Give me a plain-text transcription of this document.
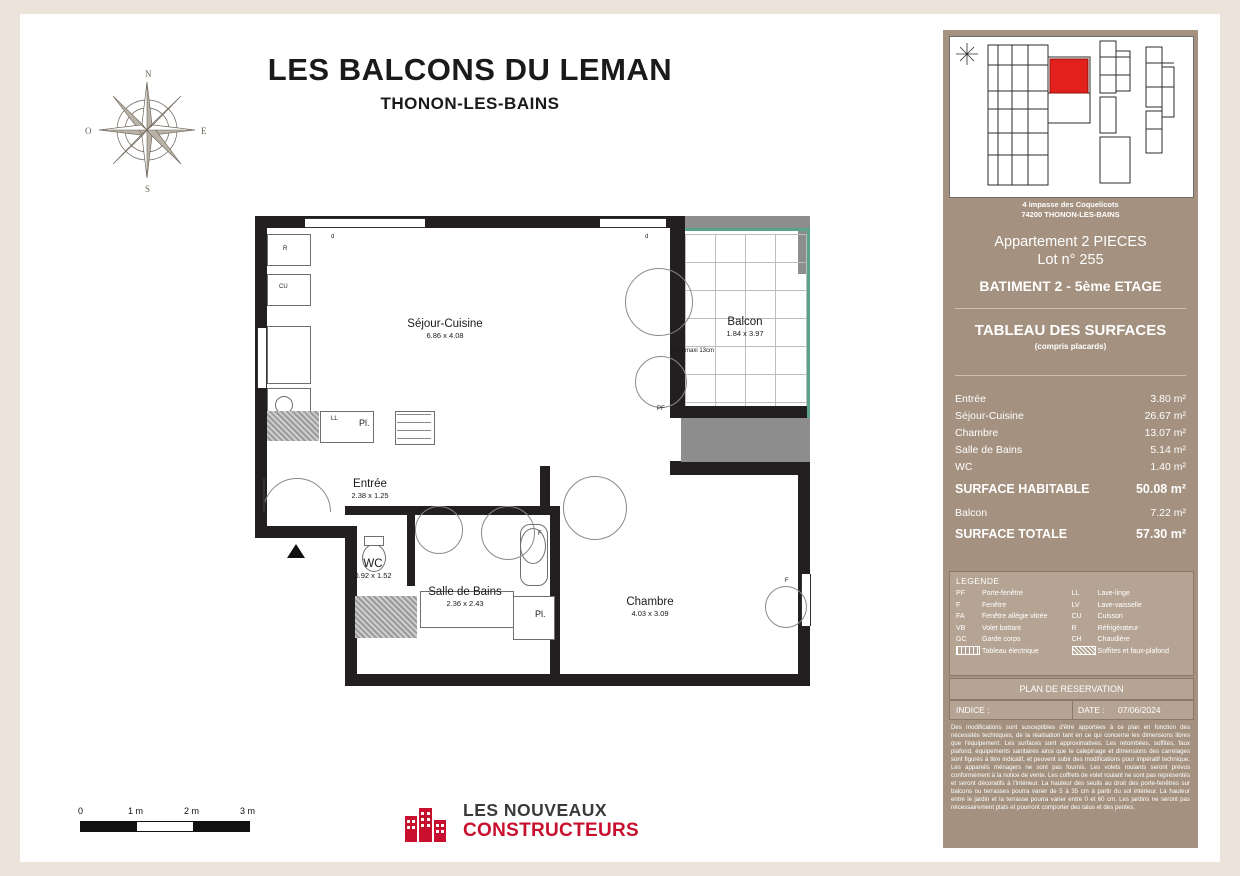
LES BALCONS DU LEMAN
THONON-LES-BAINS
N
S
E
O
Séjour-Cuisine
6.86 x 4.08
Balcon
1.84 x 3.97
Entrée
2.38 x 1.25
WC
0.92 x 1.52
Salle de Bains
2.36 x 2.43	Chambre
4.03 x 3.09
R
CU
d	d
LL Pl.
Pl.
PF
F
F
Seuil maxi 13cm
0	1 m	2 m	3 m	LES NOUVEAUX
CONSTRUCTEURS
4 impasse des Coquelicots
74200 THONON-LES-BAINS
Appartement 2 PIECES
Lot n° 255
BATIMENT 2 - 5ème ETAGE
TABLEAU DES SURFACES
(compris placards)
Entrée	3.80 m²
Séjour-Cuisine	26.67 m²
Chambre	13.07 m²
Salle de Bains	5.14 m²
WC	1.40 m²
SURFACE HABITABLE	50.08 m²
Balcon	7.22 m²
SURFACE TOTALE	57.30 m²
LEGENDE
PF	Porte-fenêtre
F	Fenêtre
FA	Fenêtre allégie vitrée
VB	Volet battant
GC	Garde corps
Tableau électrique
LL	Lave-linge
LV	Lave-vaisselle
CU	Cuisson
R	Réfrigérateur
CH	Chaudière
Soffites et faux-plafond
PLAN DE RESERVATION
INDICE :	DATE : 07/06/2024
Des modifications sont susceptibles d'être apportées à ce plan en fonction des nécessités techniques, de la réalisation tant en ce qui concerne les dimensions libres que l'équipement. Les surfaces sont approximatives. Les retombées, soffites, faux plafond, équipements sanitaires ainsi que le calepinage et dimensions des carrelages sont figurés à titre indicatif, et peuvent subir des modifications pour impératif technique. Les appareils ménagers ne sont pas fournis. Les volets roulants seront prévus conformément à la notice de vente. Les coffrets de volet roulant ne sont pas représentés et seront décoratifs à l'intérieur. La hauteur des seuils au droit des porte-fenêtres sur balcons ou terrasses pourra varier de 5 à 35 cm à partir du sol intérieur. La hauteur entre le jardin et la terrasse pourra varier entre 0 et 60 cm. Les jardins ne seront pas nécessairement plats et pourront comporter des talus et des pentes.
